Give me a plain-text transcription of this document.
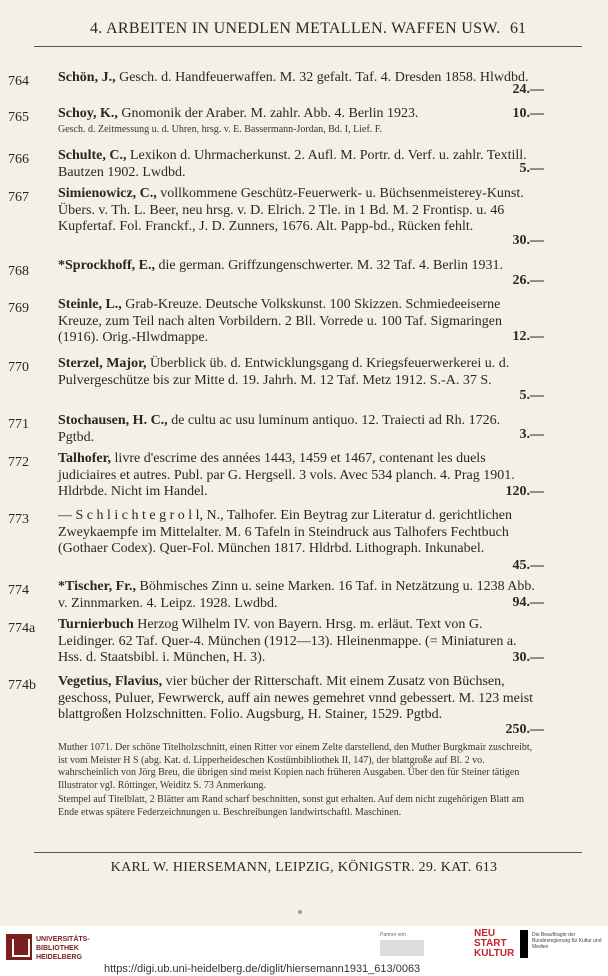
4. ARBEITEN IN UNEDLEN METALLEN. WAFFEN USW. 61
764 Schön, J., Gesch. d. Handfeuerwaffen. M. 32 gefalt. Taf. 4. Dresden 1858. Hlwdbd.
24.—
765 Schoy, K., Gnomonik der Araber. M. zahlr. Abb. 4. Berlin 1923.	10.—
Gesch. d. Zeitmessung u. d. Uhren, hrsg. v. E. Bassermann-Jordan, Bd. I, Lief. F.
766 Schulte, C., Lexikon d. Uhrmacherkunst. 2. Aufl. M. Portr. d. Verf. u. zahlr. Textill. Bautzen 1902. Lwdbd.	5.—
767 Simienowicz, C., vollkommene Geschütz-Feuerwerk- u. Büchsenmeisterey-Kunst. Übers. v. Th. L. Beer, neu hrsg. v. D. Elrich. 2 Tle. in 1 Bd. M. 2 Frontisp. u. 46 Kupfertaf. Fol. Franckf., J. D. Zunners, 1676. Alt. Papp-bd., Rücken fehlt.
30.—
768 *Sprockhoff, E., die german. Griffzungenschwerter. M. 32 Taf. 4. Berlin 1931.
26.—
769 Steinle, L., Grab-Kreuze. Deutsche Volkskunst. 100 Skizzen. Schmiedeeiserne Kreuze, zum Teil nach alten Vorbildern. 2 Bll. Vorrede u. 100 Taf. Sigmaringen (1916). Orig.-Hlwdmappe.	12.—
770 Sterzel, Major, Überblick üb. d. Entwicklungsgang d. Kriegsfeuerwerkerei u. d. Pulvergeschütze bis zur Mitte d. 19. Jahrh. M. 12 Taf. Metz 1912. S.-A. 37 S.
5.—
771 Stochausen, H. C., de cultu ac usu luminum antiquo. 12. Traiecti ad Rh. 1726. Pgtbd.	3.—
772 Talhofer, livre d'escrime des années 1443, 1459 et 1467, contenant les duels judiciaires et autres. Publ. par G. Hergsell. 3 vols. Avec 534 planch. 4. Prag 1901. Hldrbde. Nicht im Handel.	120.—
773 — S c h l i c h t e g r o l l, N., Talhofer. Ein Beytrag zur Literatur d. gerichtlichen Zweykaempfe im Mittelalter. M. 6 Tafeln in Steindruck aus Talhofers Fechtbuch (Gothaer Codex). Quer-Fol. München 1817. Hldrbd. Lithograph. Inkunabel.
45.—
774 *Tischer, Fr., Böhmisches Zinn u. seine Marken. 16 Taf. in Netzätzung u. 1238 Abb. v. Zinnmarken. 4. Leipz. 1928. Lwdbd.	94.—
774a Turnierbuch Herzog Wilhelm IV. von Bayern. Hrsg. m. erläut. Text von G. Leidinger. 62 Taf. Quer-4. München (1912—13). Hleinenmappe. (= Miniaturen a. Hss. d. Staatsbibl. i. München, H. 3).	30.—
774b Vegetius, Flavius, vier bücher der Ritterschaft. Mit einem Zusatz von Büchsen, geschoss, Puluer, Fewrwerck, auff ain newes gemehret vnnd gebessert. M. 123 meist blattgroßen Holzschnitten. Folio. Augsburg, H. Stainer, 1529. Pgtbd.
250.—
Muther 1071. Der schöne Titelholzschnitt, einen Ritter vor einem Zelte darstellend, den Muther Burgkmair zuschreibt, ist vom Meister H S (abg. Kat. d. Lipperheideschen Kostümbibliothek II, 147), der blattgroße auf Bl. 2 vo. wahrscheinlich von Jörg Breu, die übrigen sind meist Kopien nach früheren Ausgaben. Über den für Steiner tätigen Illustrator vgl. Röttinger, Weiditz S. 73 Anmerkung.
Stempel auf Titelblatt, 2 Blätter am Rand scharf beschnitten, sonst gut erhalten. Auf dem nicht zugehörigen Blatt am Ende etwas spätere Federzeichnungen u. Beschreibungen landwirtschaftl. Maschinen.
KARL W. HIERSEMANN, LEIPZIG, KÖNIGSTR. 29. KAT. 613
UNIVERSITÄTS-
BIBLIOTHEK
HEIDELBERG
Partner von	NEU
START
KULTUR
Die Beauftragte der Bundesregierung für Kultur und Medien
https://digi.ub.uni-heidelberg.de/diglit/hiersemann1931_613/0063
